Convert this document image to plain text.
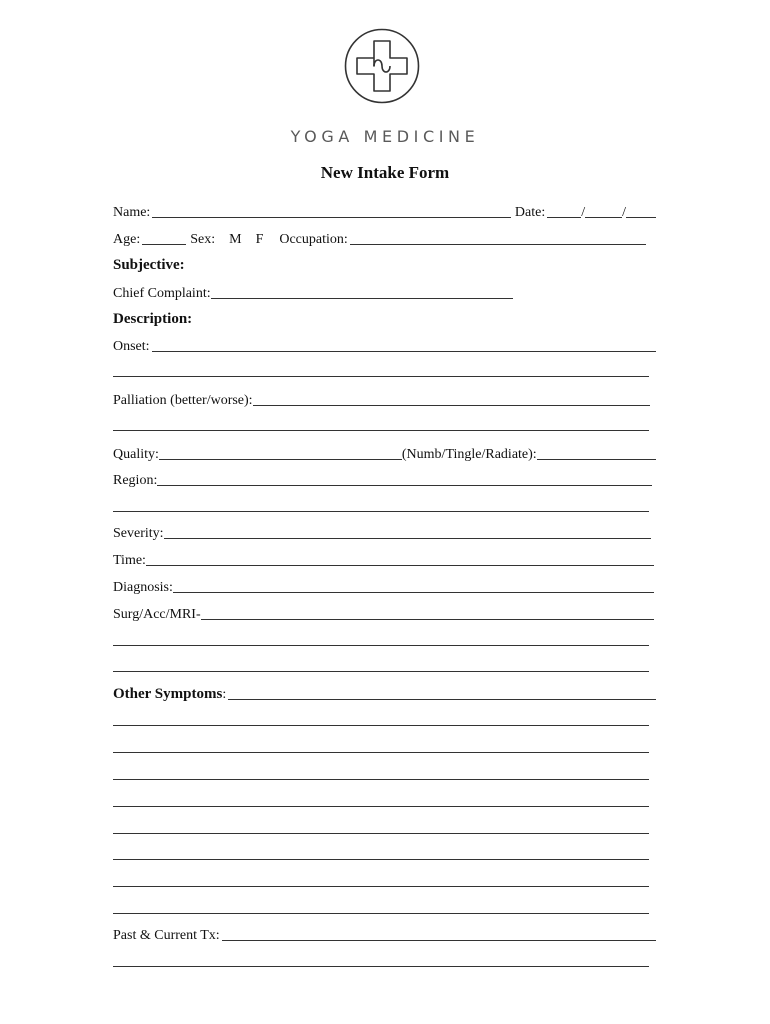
YOGA MEDICINE
New Intake Form
Name:	Date:	/	/
Age:	Sex:	M	F	Occupation:
Subjective:
Chief Complaint:
Description:
Onset:
Palliation (better/worse):
Quality:	(Numb/Tingle/Radiate):
Region:
Severity:
Time:
Diagnosis:
Surg/Acc/MRI-
Other Symptoms :
Past & Current Tx:
